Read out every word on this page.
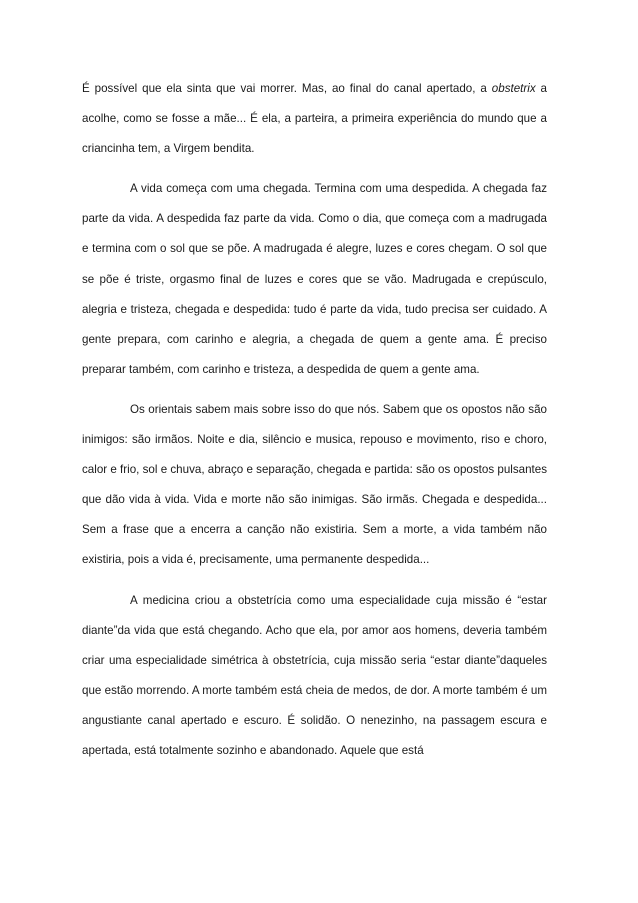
É possível que ela sinta que vai morrer. Mas, ao final do canal apertado, a obstetrix a acolhe, como se fosse a mãe... É ela, a parteira, a primeira experiência do mundo que a criancinha tem, a Virgem bendita.

A vida começa com uma chegada. Termina com uma despedida. A chegada faz parte da vida. A despedida faz parte da vida. Como o dia, que começa com a madrugada e termina com o sol que se põe. A madrugada é alegre, luzes e cores chegam. O sol que se põe é triste, orgasmo final de luzes e cores que se vão. Madrugada e crepúsculo, alegria e tristeza, chegada e despedida: tudo é parte da vida, tudo precisa ser cuidado. A gente prepara, com carinho e alegria, a chegada de quem a gente ama. É preciso preparar também, com carinho e tristeza, a despedida de quem a gente ama.

Os orientais sabem mais sobre isso do que nós. Sabem que os opostos não são inimigos: são irmãos. Noite e dia, silêncio e musica, repouso e movimento, riso e choro, calor e frio, sol e chuva, abraço e separação, chegada e partida: são os opostos pulsantes que dão vida à vida. Vida e morte não são inimigas. São irmãs. Chegada e despedida... Sem a frase que a encerra a canção não existiria. Sem a morte, a vida também não existiria, pois a vida é, precisamente, uma permanente despedida...

A medicina criou a obstetrícia como uma especialidade cuja missão é “estar diante”da vida que está chegando. Acho que ela, por amor aos homens, deveria também criar uma especialidade simétrica à obstetrícia, cuja missão seria “estar diante”daqueles que estão morrendo. A morte também está cheia de medos, de dor. A morte também é um angustiante canal apertado e escuro. É solidão. O nenezinho, na passagem escura e apertada, está totalmente sozinho e abandonado. Aquele que está
